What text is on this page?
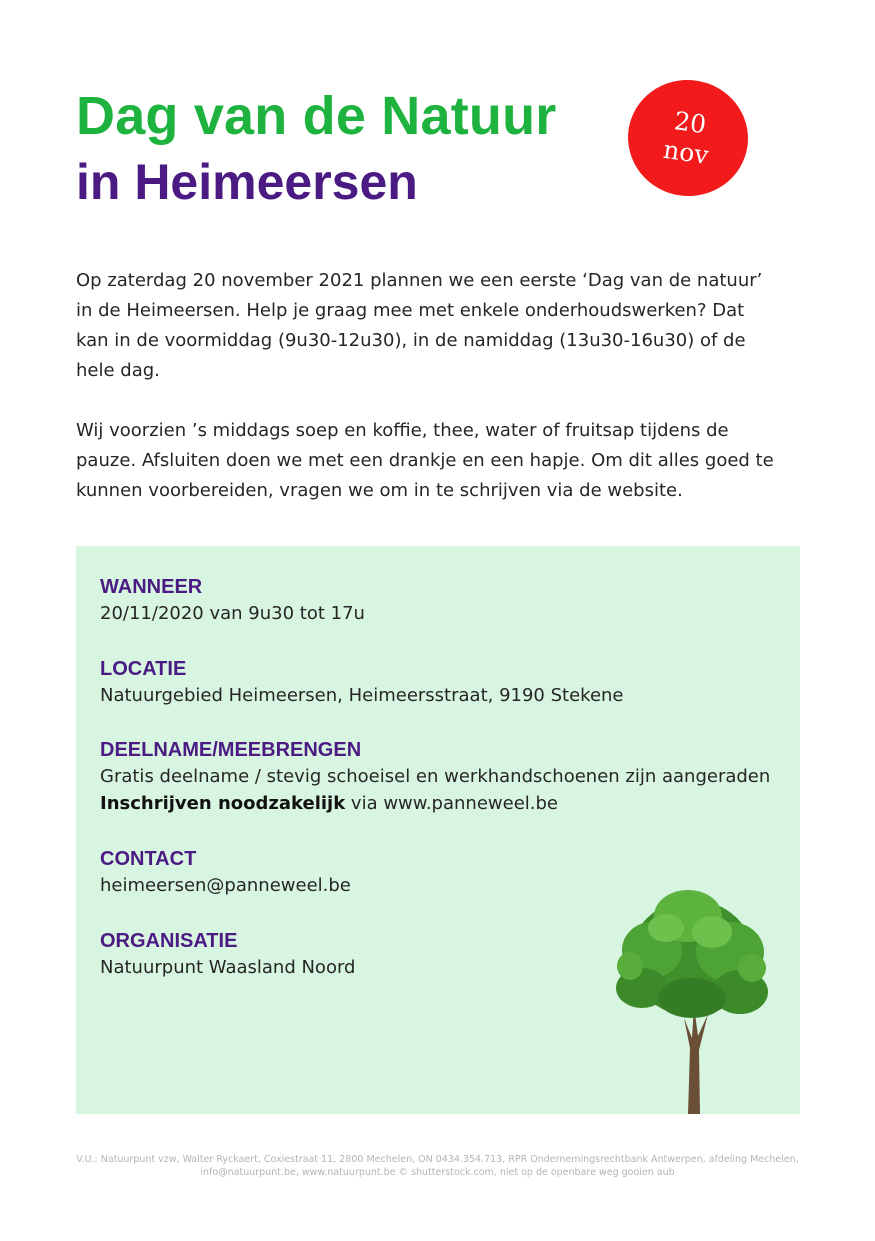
Dag van de Natuur
in Heimeersen
20
nov

Op zaterdag 20 november 2021 plannen we een eerste ‘Dag van de natuur’ in de Heimeersen. Help je graag mee met enkele onderhoudswerken? Dat kan in de voormiddag (9u30-12u30), in de namiddag (13u30-16u30) of de hele dag.

Wij voorzien ’s middags soep en koffie, thee, water of fruitsap tijdens de pauze. Afsluiten doen we met een drankje en een hapje. Om dit alles goed te kunnen voorbereiden, vragen we om in te schrijven via de website.

WANNEER
20/11/2020 van 9u30 tot 17u
LOCATIE
Natuurgebied Heimeersen, Heimeersstraat, 9190 Stekene
DEELNAME/MEEBRENGEN
Gratis deelname / stevig schoeisel en werkhandschoenen zijn aangeraden
Inschrijven noodzakelijk via www.panneweel.be
CONTACT
heimeersen@panneweel.be
ORGANISATIE
Natuurpunt Waasland Noord
V.U.: Natuurpunt vzw, Walter Ryckaert, Coxiestraat 11, 2800 Mechelen, ON 0434.354.713, RPR Ondernemingsrechtbank Antwerpen, afdeling Mechelen,
info@natuurpunt.be, www.natuurpunt.be © shutterstock.com, niet op de openbare weg gooien aub
